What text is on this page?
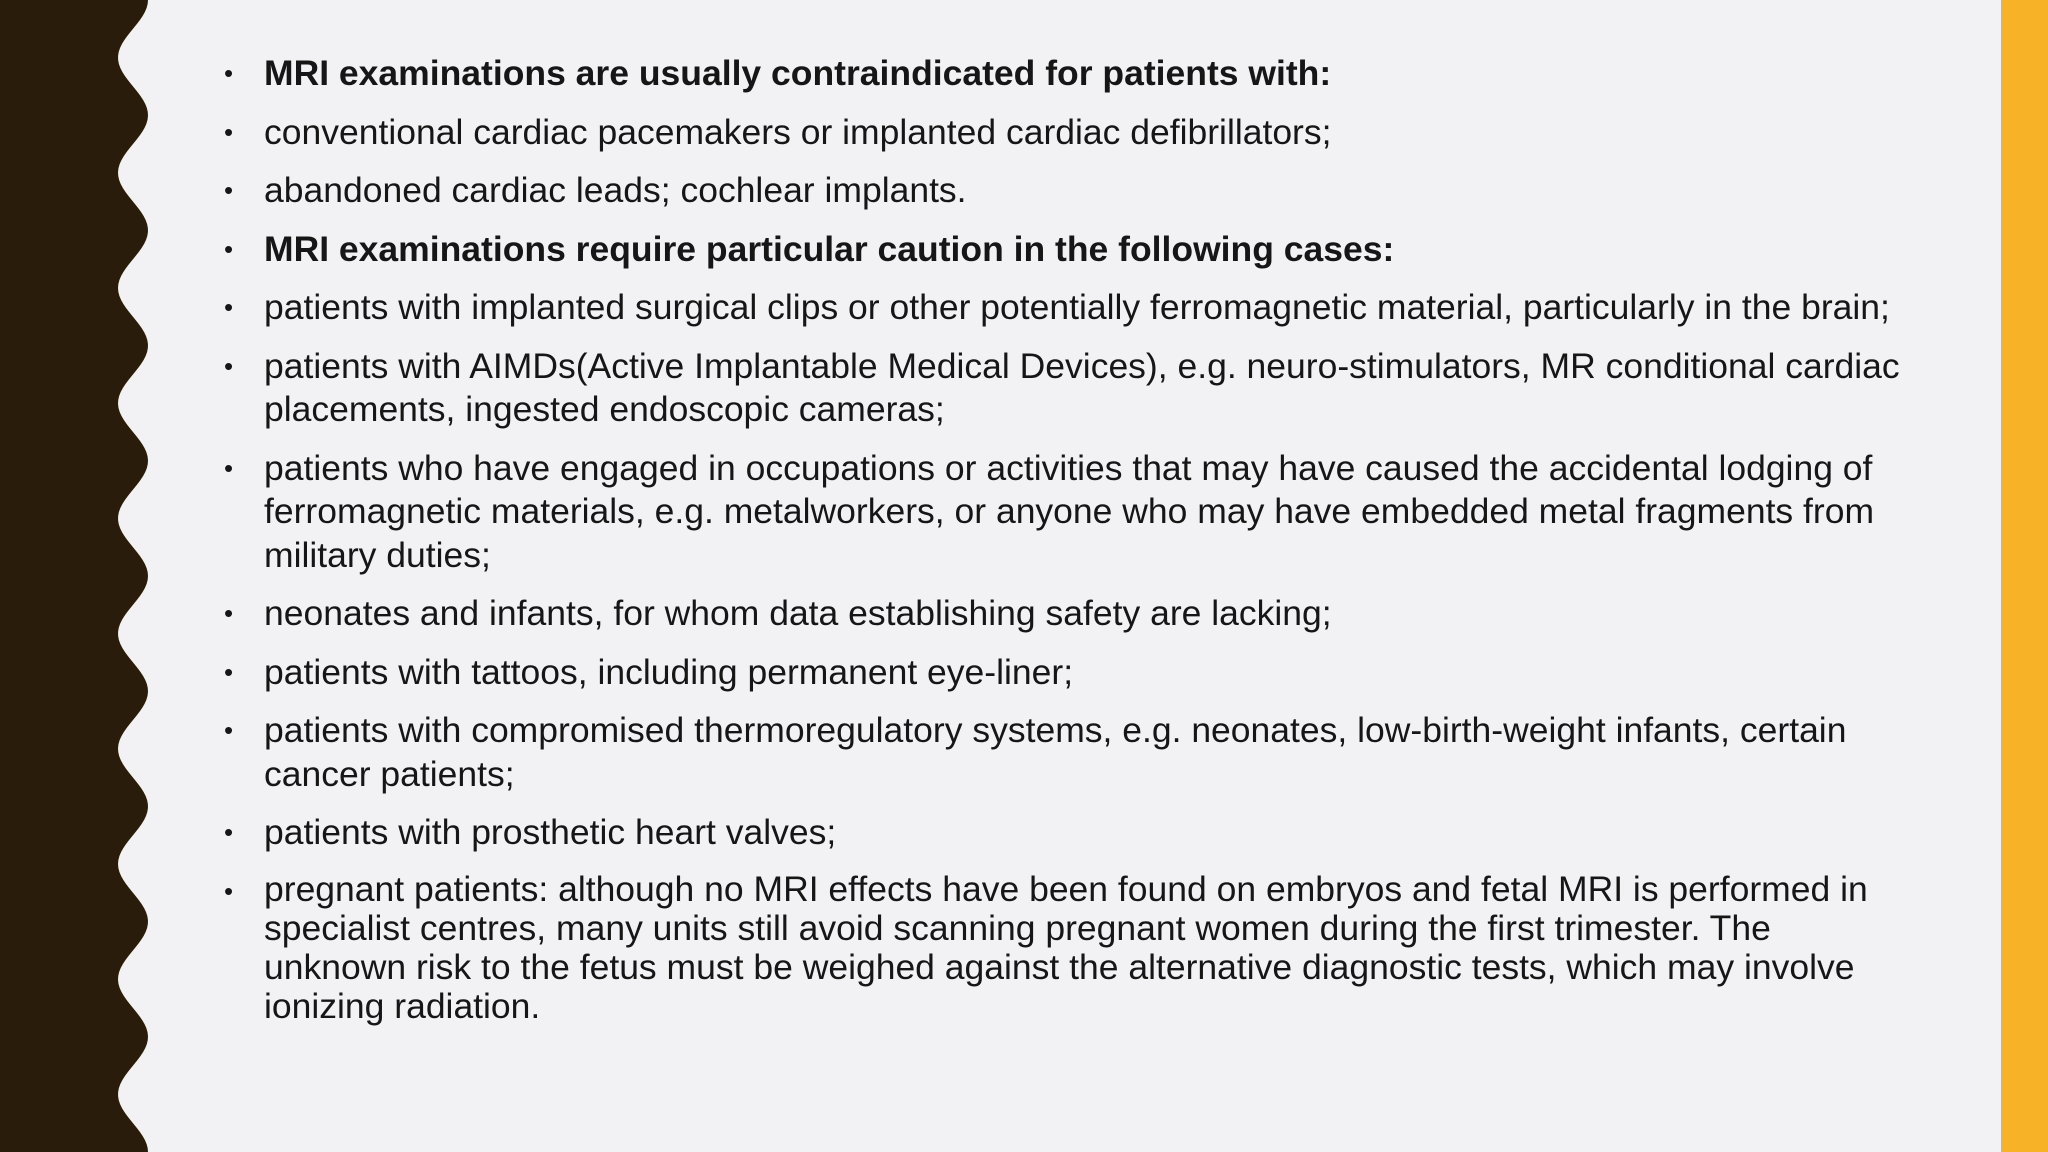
• MRI examinations are usually contraindicated for patients with:
• conventional cardiac pacemakers or implanted cardiac defibrillators;
• abandoned cardiac leads; cochlear implants.
• MRI examinations require particular caution in the following cases:
• patients with implanted surgical clips or other potentially ferromagnetic material, particularly in the brain;
• patients with AIMDs(Active Implantable Medical Devices), e.g. neuro-stimulators, MR conditional cardiac placements, ingested endoscopic cameras;
• patients who have engaged in occupations or activities that may have caused the accidental lodging of ferromagnetic materials, e.g. metalworkers, or anyone who may have embedded metal fragments from military duties;
• neonates and infants, for whom data establishing safety are lacking;
• patients with tattoos, including permanent eye-liner;
• patients with compromised thermoregulatory systems, e.g. neonates, low-birth-weight infants, certain cancer patients;
• patients with prosthetic heart valves;
• pregnant patients: although no MRI effects have been found on embryos and fetal MRI is performed in specialist centres, many units still avoid scanning pregnant women during the first trimester. The unknown risk to the fetus must be weighed against the alternative diagnostic tests, which may involve ionizing radiation.
